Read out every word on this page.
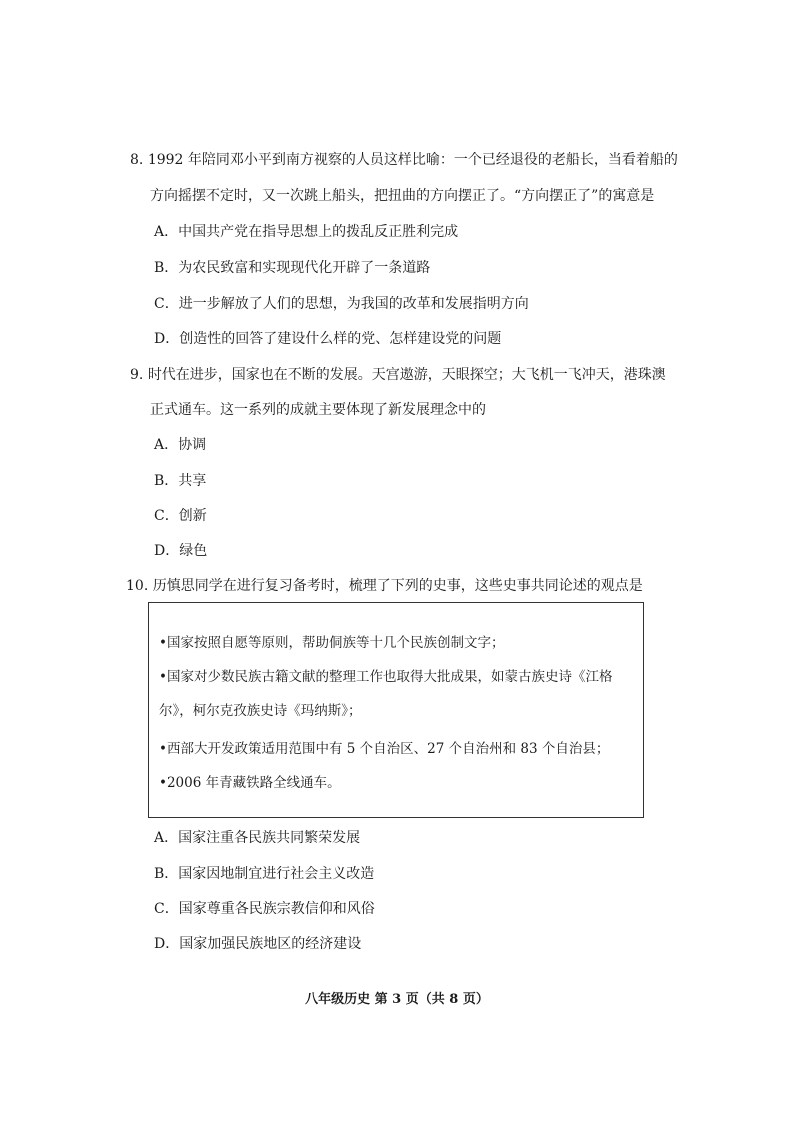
8. 1992 年陪同邓小平到南方视察的人员这样比喻：一个已经退役的老船长，当看着船的
方向摇摆不定时，又一次跳上船头，把扭曲的方向摆正了。“方向摆正了”的寓意是
A．中国共产党在指导思想上的拨乱反正胜利完成
B．为农民致富和实现现代化开辟了一条道路
C．进一步解放了人们的思想，为我国的改革和发展指明方向
D．创造性的回答了建设什么样的党、怎样建设党的问题
9. 时代在进步，国家也在不断的发展。天宫遨游，天眼探空；大飞机一飞冲天，港珠澳
正式通车。这一系列的成就主要体现了新发展理念中的
A．协调
B．共享
C．创新
D．绿色
10. 历慎思同学在进行复习备考时，梳理了下列的史事，这些史事共同论述的观点是
•国家按照自愿等原则，帮助侗族等十几个民族创制文字；
•国家对少数民族古籍文献的整理工作也取得大批成果，如蒙古族史诗《江格
尔》，柯尔克孜族史诗《玛纳斯》；
•西部大开发政策适用范围中有 5 个自治区、27 个自治州和 83 个自治县；
•2006 年青藏铁路全线通车。
A．国家注重各民族共同繁荣发展
B．国家因地制宜进行社会主义改造
C．国家尊重各民族宗教信仰和风俗
D．国家加强民族地区的经济建设
八年级历史 第 3 页（共 8 页）
